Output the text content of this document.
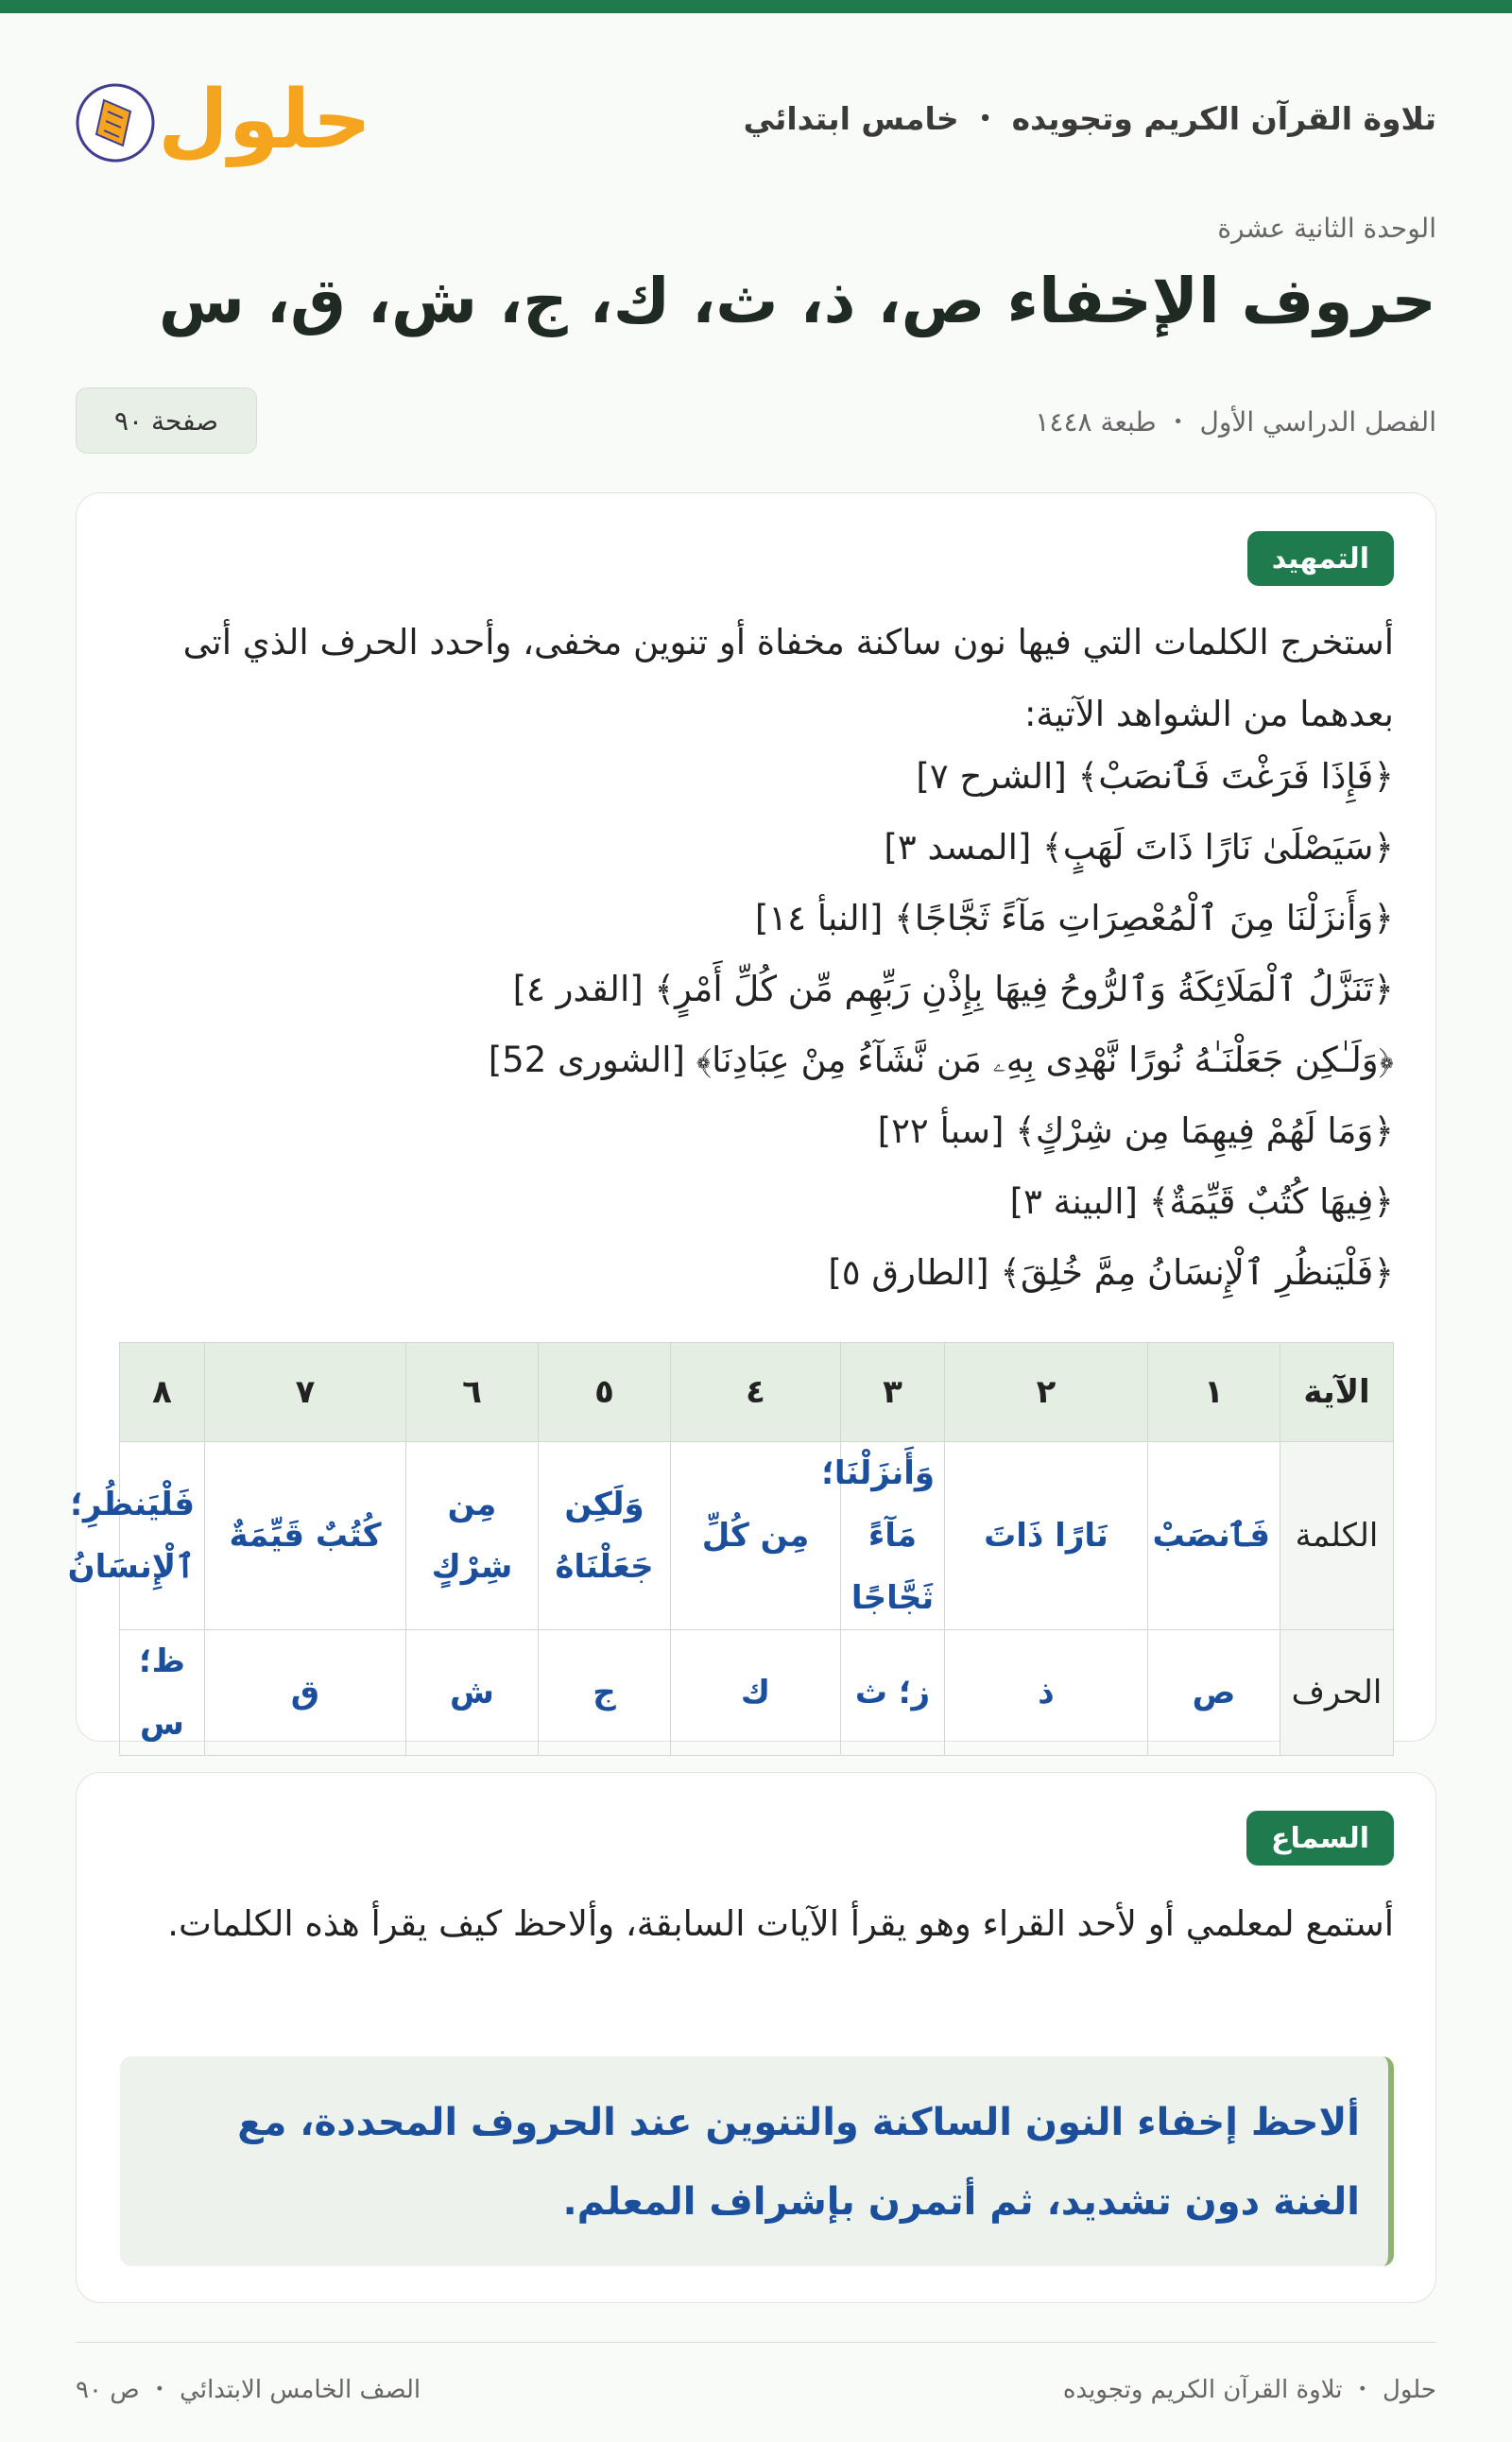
تلاوة القرآن الكريم وتجويده ・ خامس ابتدائي
حلول
الوحدة الثانية عشرة
حروف الإخفاء ص، ذ، ث، ك، ج، ش، ق، س
الفصل الدراسي الأول ・ طبعة ١٤٤٨
صفحة ٩٠
التمهيد

أستخرج الكلمات التي فيها نون ساكنة مخفاة أو تنوين مخفى، وأحدد الحرف الذي أتى بعدهما من الشواهد الآتية:

﴿فَإِذَا فَرَغْتَ فَٱنصَبْ﴾ [الشرح ٧]
﴿سَيَصْلَىٰ نَارًا ذَاتَ لَهَبٍ﴾ [المسد ٣]
﴿وَأَنزَلْنَا مِنَ ٱلْمُعْصِرَاتِ مَآءً ثَجَّاجًا﴾ [النبأ ١٤]
﴿تَنَزَّلُ ٱلْمَلَائِكَةُ وَٱلرُّوحُ فِيهَا بِإِذْنِ رَبِّهِم مِّن كُلِّ أَمْرٍ﴾ [القدر ٤]
﴿وَلَـٰكِن جَعَلْنَـٰهُ نُورًا نَّهْدِى بِهِۦ مَن نَّشَآءُ مِنْ عِبَادِنَا﴾ [الشورى 52]
﴿وَمَا لَهُمْ فِيهِمَا مِن شِرْكٍ﴾ [سبأ ٢٢]
﴿فِيهَا كُتُبٌ قَيِّمَةٌ﴾ [البينة ٣]
﴿فَلْيَنظُرِ ٱلْإِنسَانُ مِمَّ خُلِقَ﴾ [الطارق ٥]
الآية	١	٢	٣	٤	٥	٦	٧	٨
الكلمة	فَٱنصَبْ	نَارًا ذَاتَ	وَأَنزَلْنَا؛ مَآءً ثَجَّاجًا	مِن كُلِّ	وَلَكِن جَعَلْنَاهُ	مِن شِرْكٍ	كُتُبٌ قَيِّمَةٌ	فَلْيَنظُرِ؛ ٱلْإِنسَانُ
الحرف	ص	ذ	ز؛ ث	ك	ج	ش	ق	ظ؛ س
السماع

أستمع لمعلمي أو لأحد القراء وهو يقرأ الآيات السابقة، وألاحظ كيف يقرأ هذه الكلمات.

ألاحظ إخفاء النون الساكنة والتنوين عند الحروف المحددة، مع الغنة دون تشديد، ثم أتمرن بإشراف المعلم.
حلول ・ تلاوة القرآن الكريم وتجويده
الصف الخامس الابتدائي ・ ص ٩٠
